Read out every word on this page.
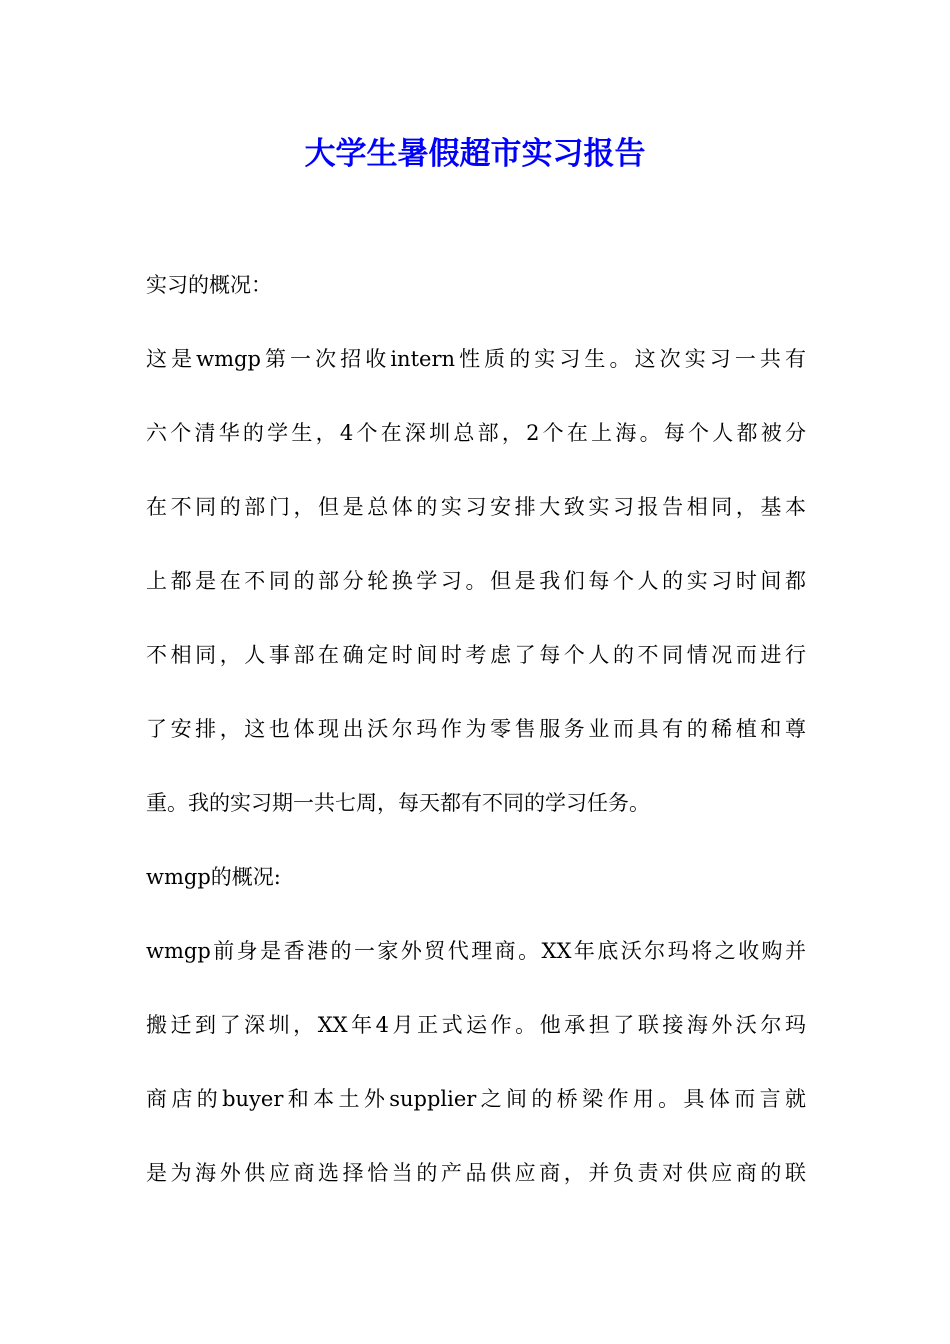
大学生暑假超市实习报告
实习的概况：
这是wmgp第一次招收intern性质的实习生。这次实习一共有
六个清华的学生，4个在深圳总部，2个在上海。每个人都被分
在不同的部门，但是总体的实习安排大致实习报告相同，基本
上都是在不同的部分轮换学习。但是我们每个人的实习时间都
不相同，人事部在确定时间时考虑了每个人的不同情况而进行
了安排，这也体现出沃尔玛作为零售服务业而具有的稀植和尊
重。我的实习期一共七周，每天都有不同的学习任务。
wmgp的概况:
wmgp前身是香港的一家外贸代理商。XX年底沃尔玛将之收购并
搬迁到了深圳，XX年4月正式运作。他承担了联接海外沃尔玛
商店的buyer和本土外supplier之间的桥梁作用。具体而言就
是为海外供应商选择恰当的产品供应商，并负责对供应商的联
